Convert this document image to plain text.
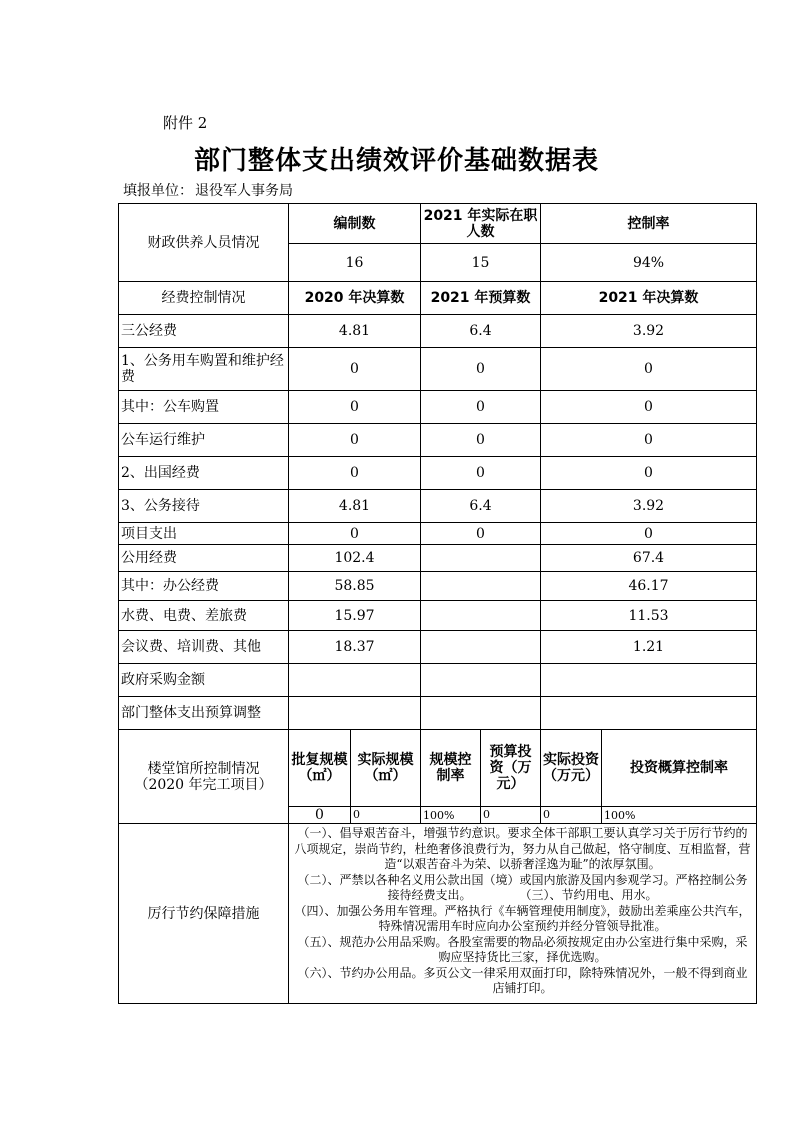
附件 2
部门整体支出绩效评价基础数据表
填报单位： 退役军人事务局
财政供养人员情况	编制数		2021 年实际在职人数		控制率	
	16		15		94%	
经费控制情况	2020 年决算数		2021 年预算数		2021 年决算数	
三公经费	4.81		6.4		3.92	
1、公务用车购置和维护经费	0		0		0	
其中：公车购置	0		0		0	
公车运行维护	0		0		0	
2、出国经费	0		0		0	
3、公务接待	4.81		6.4		3.92	
项目支出	0		0		0	
公用经费	102.4				67.4	
其中：办公经费	58.85				46.17	
水费、电费、差旅费	15.97				11.53	
会议费、培训费、其他	18.37				1.21	
政府采购金额						
部门整体支出预算调整						

楼堂馆所控制情况
（2020 年完工项目）	批复规模（㎡）	实际规模（㎡）	规模控制率	预算投资（万元）	实际投资（万元）	投资概算控制率
	0	0	100%	0	0	100%
厉行节约保障措施	（一）、倡导艰苦奋斗，增强节约意识。要求全体干部职工要认真学习关于厉行节约的八项规定，崇尚节约，杜绝奢侈浪费行为，努力从自己做起，恪守制度、互相监督，营造“以艰苦奋斗为荣、以骄奢淫逸为耻”的浓厚氛围。
（二）、严禁以各种名义用公款出国（境）或国内旅游及国内参观学习。严格控制公务接待经费支出。　　　　　（三）、节约用电、用水。
（四）、加强公务用车管理。严格执行《车辆管理使用制度》，鼓励出差乘座公共汽车，特殊情况需用车时应向办公室预约并经分管领导批准。
（五）、规范办公用品采购。各股室需要的物品必须按规定由办公室进行集中采购，采购应坚持货比三家，择优选购。
（六）、节约办公用品。多页公文一律采用双面打印，除特殊情况外，一般不得到商业店铺打印。					
